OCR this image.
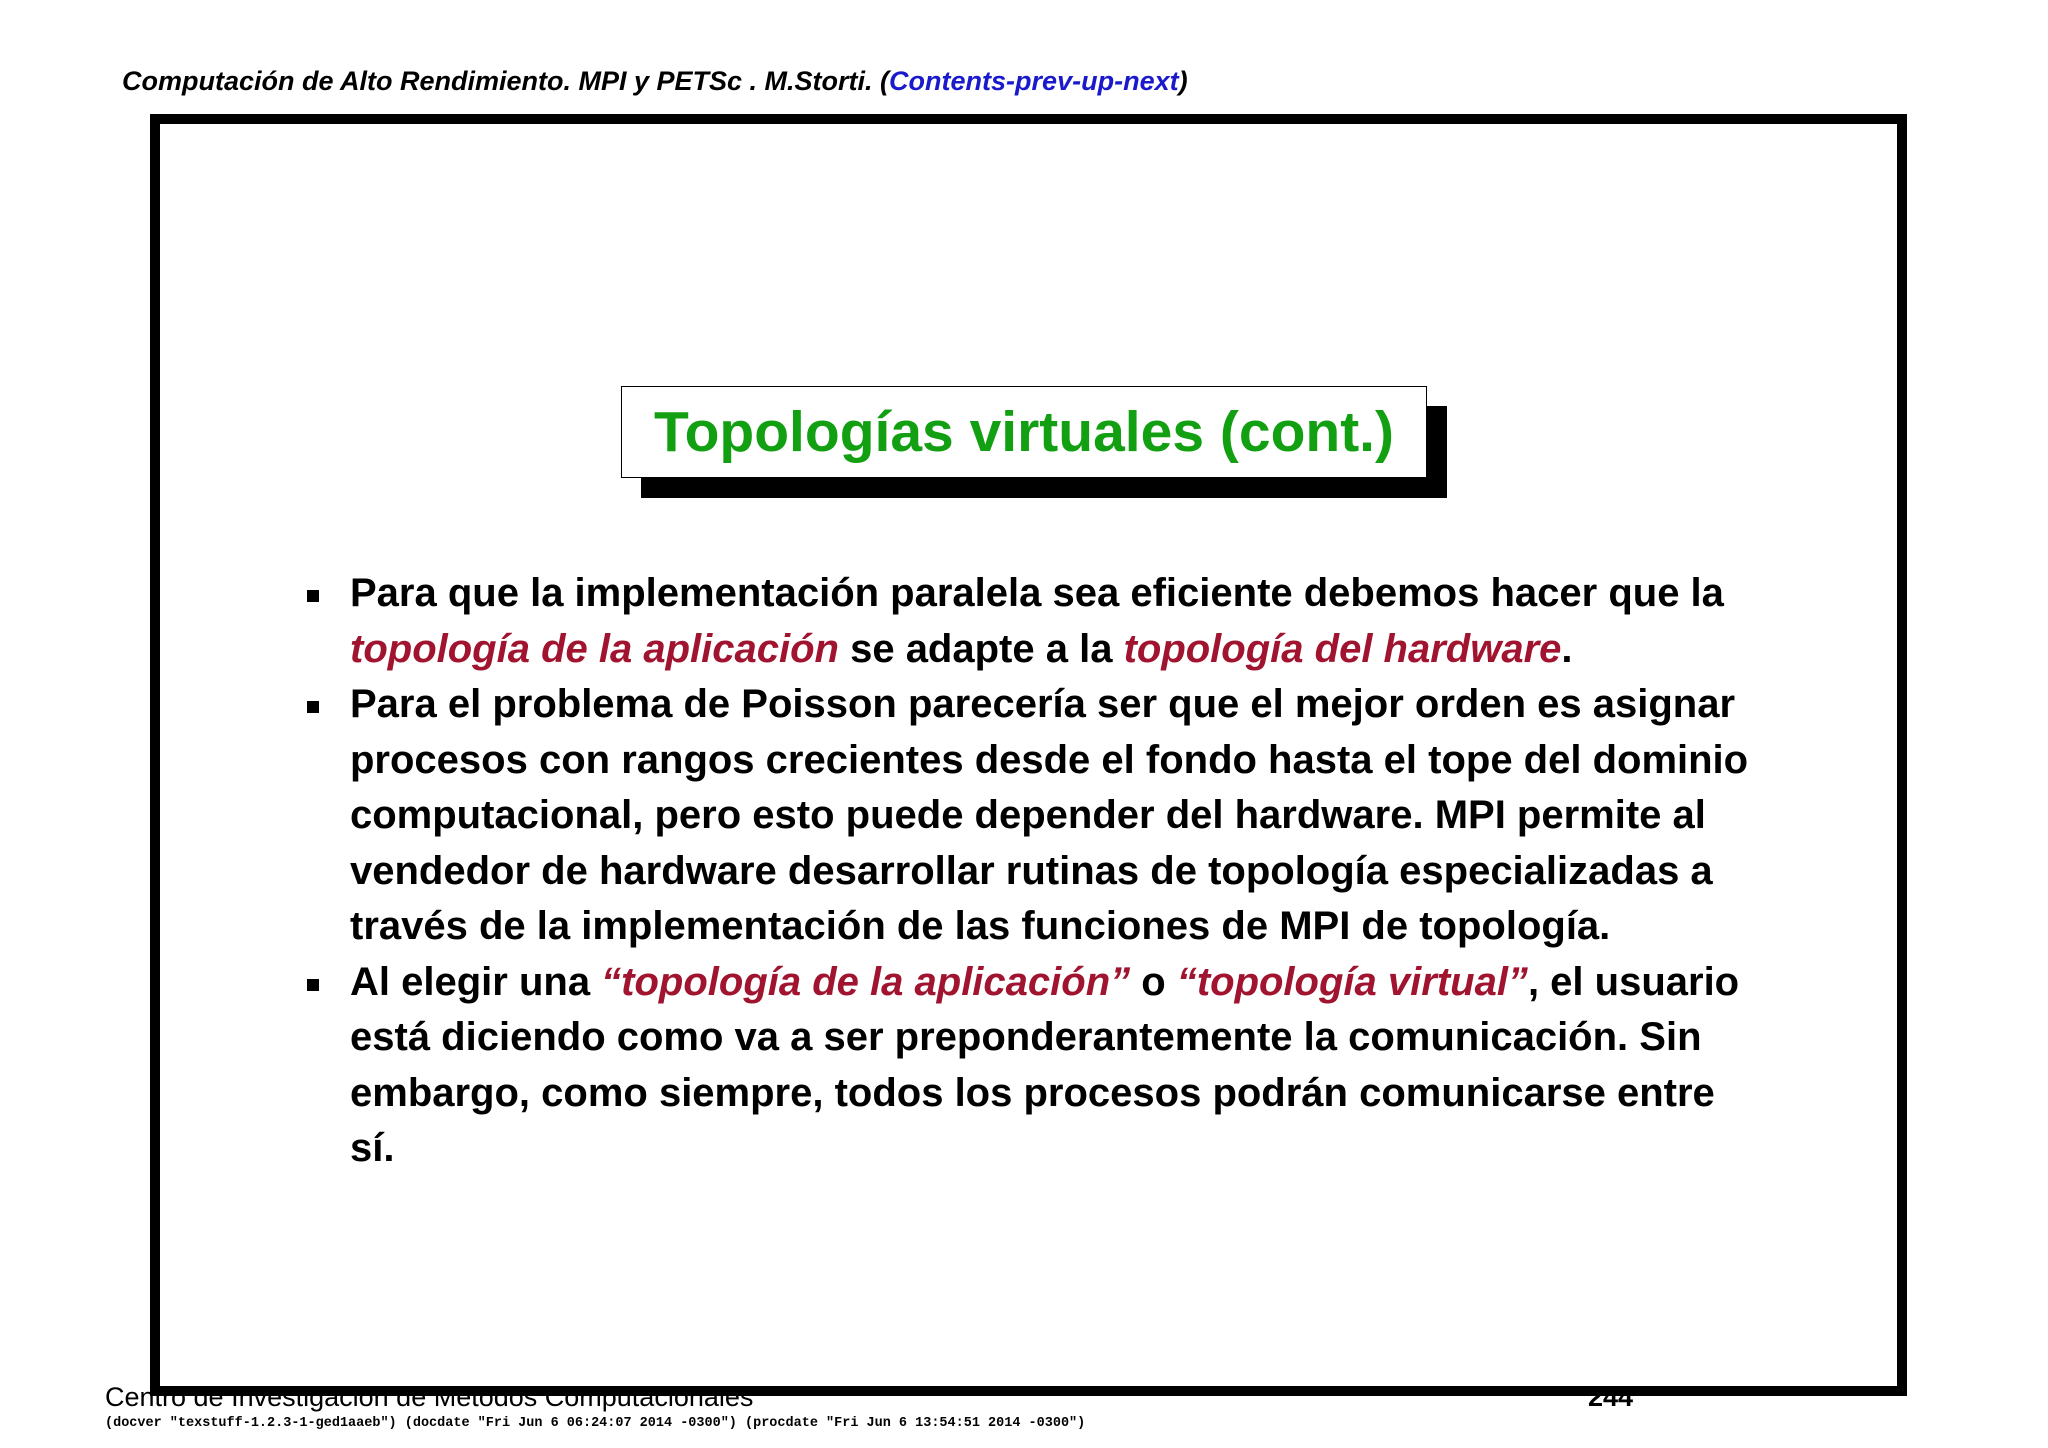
Computación de Alto Rendimiento. MPI y PETSc . M.Storti. (Contents-prev-up-next)
Topologías virtuales (cont.)
Para que la implementación paralela sea eficiente debemos hacer que la topología de la aplicación se adapte a la topología del hardware.
Para el problema de Poisson parecería ser que el mejor orden es asignar procesos con rangos crecientes desde el fondo hasta el tope del dominio computacional, pero esto puede depender del hardware. MPI permite al vendedor de hardware desarrollar rutinas de topología especializadas a través de la implementación de las funciones de MPI de topología.
Al elegir una “topología de la aplicación” o “topología virtual”, el usuario está diciendo como va a ser preponderantemente la comunicación. Sin embargo, como siempre, todos los procesos podrán comunicarse entre sí.
Centro de Investigación de Métodos Computacionales	244
(docver "texstuff-1.2.3-1-ged1aaeb") (docdate "Fri Jun 6 06:24:07 2014 -0300") (procdate "Fri Jun 6 13:54:51 2014 -0300")
